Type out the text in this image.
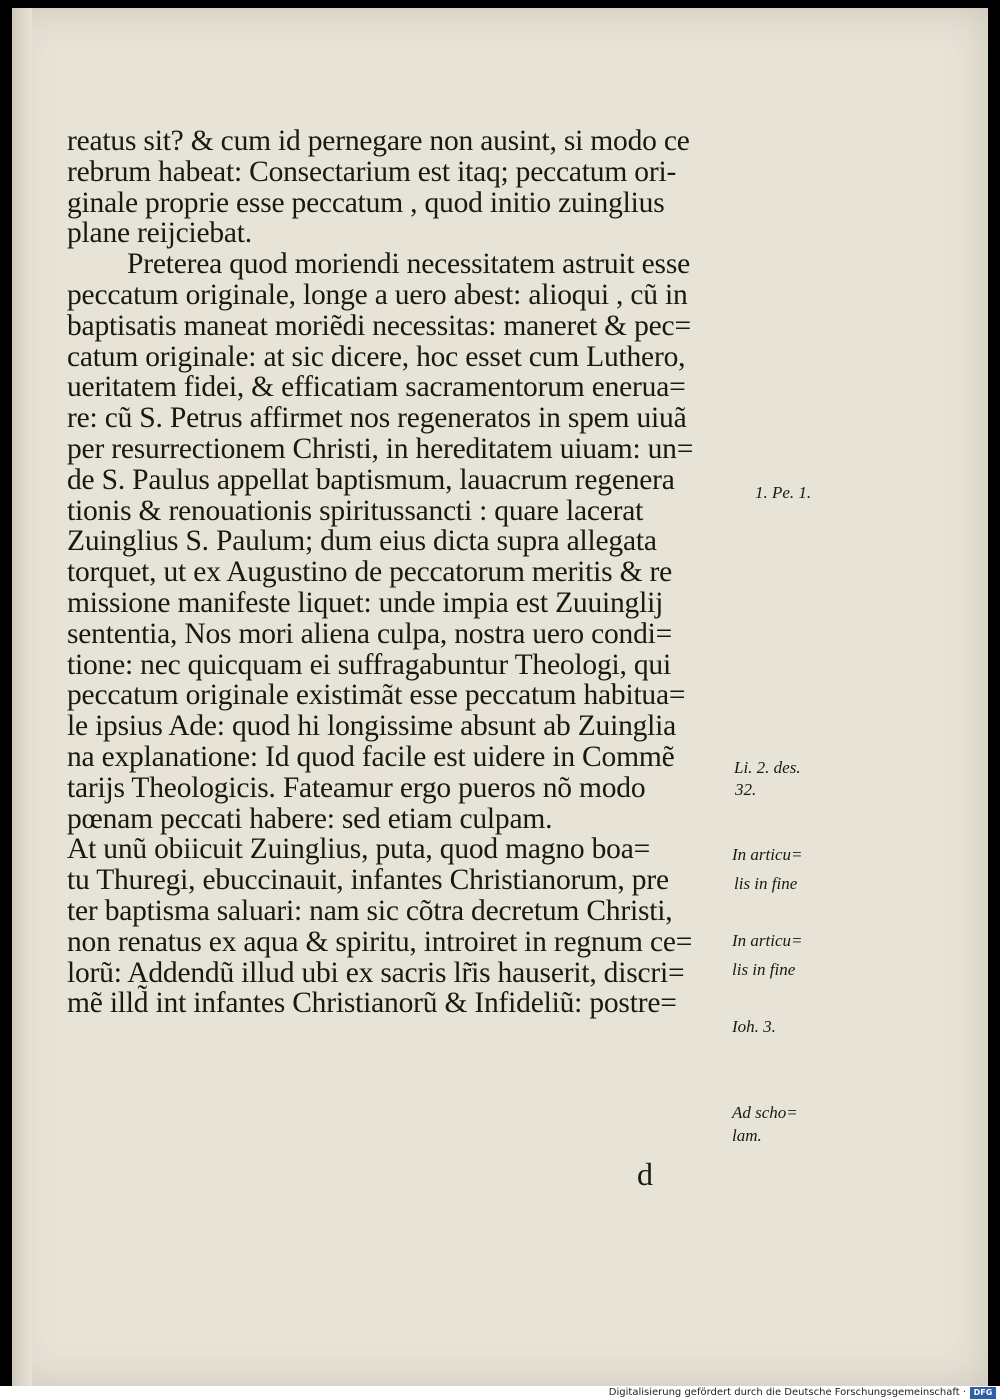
reatus sit? & cum id pernegare non ausint, si modo ce
rebrum habeat: Consectarium est itaq; peccatum ori-
ginale proprie esse peccatum , quod initio zuinglius
plane reijciebat.
Preterea quod moriendi necessitatem astruit esse
peccatum originale, longe a uero abest: alioqui , cũ in
baptisatis maneat moriẽdi necessitas: maneret & pec=
catum originale: at sic dicere, hoc esset cum Luthero,
ueritatem fidei, & efficatiam sacramentorum enerua=
re: cũ S. Petrus affirmet nos regeneratos in spem uiuã
per resurrectionem Christi, in hereditatem uiuam: un=
de S. Paulus appellat baptismum, lauacrum regenera
tionis & renouationis spiritussancti : quare lacerat
Zuinglius S. Paulum; dum eius dicta supra allegata
torquet, ut ex Augustino de peccatorum meritis & re
missione manifeste liquet: unde impia est Zuuinglij
sententia, Nos mori aliena culpa, nostra uero condi=
tione: nec quicquam ei suffragabuntur Theologi, qui
peccatum originale existimãt esse peccatum habitua=
le ipsius Ade: quod hi longissime absunt ab Zuinglia
na explanatione: Id quod facile est uidere in Commẽ
tarijs Theologicis. Fateamur ergo pueros nõ modo
pœnam peccati habere: sed etiam culpam.
At unũ obiicuit Zuinglius, puta, quod magno boa=
tu Thuregi, ebuccinauit, infantes Christianorum, pre
ter baptisma saluari: nam sic cõtra decretum Christi,
non renatus ex aqua & spiritu, introiret in regnum ce=
lorũ: Addendũ illud ubi ex sacris lr̃is hauserit, discri=
mẽ illd̃ int infantes Christianorũ & Infideliũ: postre=
1. Pe. 1.
Li. 2. des.
32.
In articu=
lis in fine
In articu=
lis in fine
Ioh. 3.
Ad scho=
lam.
d
Digitalisierung gefördert durch die Deutsche Forschungsgemeinschaft · DFG
